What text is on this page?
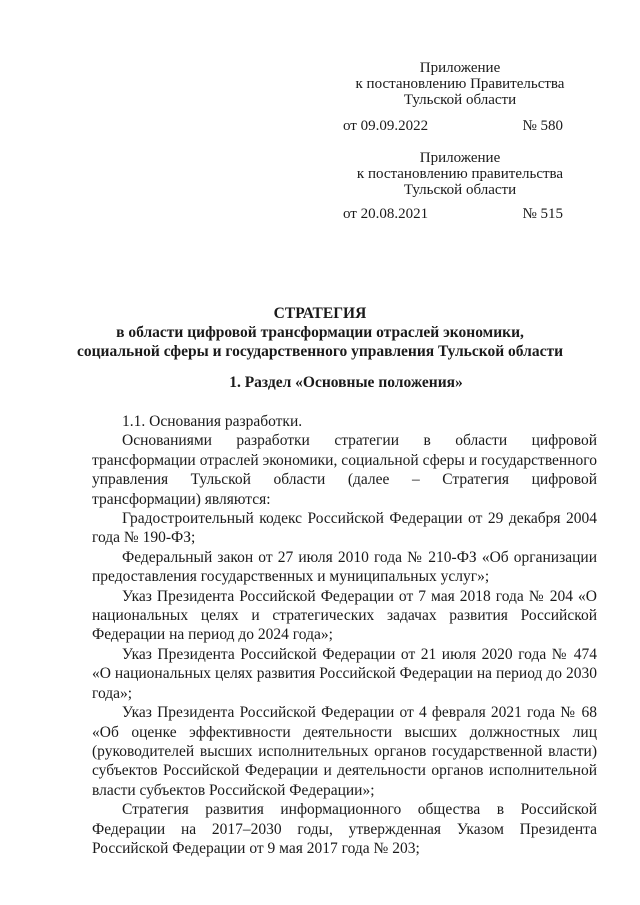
Приложение
к постановлению Правительства
Тульской области
от 09.09.2022	№ 580
Приложение
к постановлению правительства
Тульской области
от 20.08.2021	№ 515
СТРАТЕГИЯ
в области цифровой трансформации отраслей экономики,
социальной сферы и государственного управления Тульской области
1. Раздел «Основные положения»

1.1. Основания разработки.

Основаниями разработки стратегии в области цифровой трансформации отраслей экономики, социальной сферы и государственного управления Тульской области (далее – Стратегия цифровой трансформации) являются:

Градостроительный кодекс Российской Федерации от 29 декабря 2004 года № 190-ФЗ;

Федеральный закон от 27 июля 2010 года № 210-ФЗ «Об организации предоставления государственных и муниципальных услуг»;

Указ Президента Российской Федерации от 7 мая 2018 года № 204 «О национальных целях и стратегических задачах развития Российской Федерации на период до 2024 года»;

Указ Президента Российской Федерации от 21 июля 2020 года № 474 «О национальных целях развития Российской Федерации на период до 2030 года»;

Указ Президента Российской Федерации от 4 февраля 2021 года № 68 «Об оценке эффективности деятельности высших должностных лиц (руководителей высших исполнительных органов государственной власти) субъектов Российской Федерации и деятельности органов исполнительной власти субъектов Российской Федерации»;

Стратегия развития информационного общества в Российской Федерации на 2017–2030 годы, утвержденная Указом Президента Российской Федерации от 9 мая 2017 года № 203;
